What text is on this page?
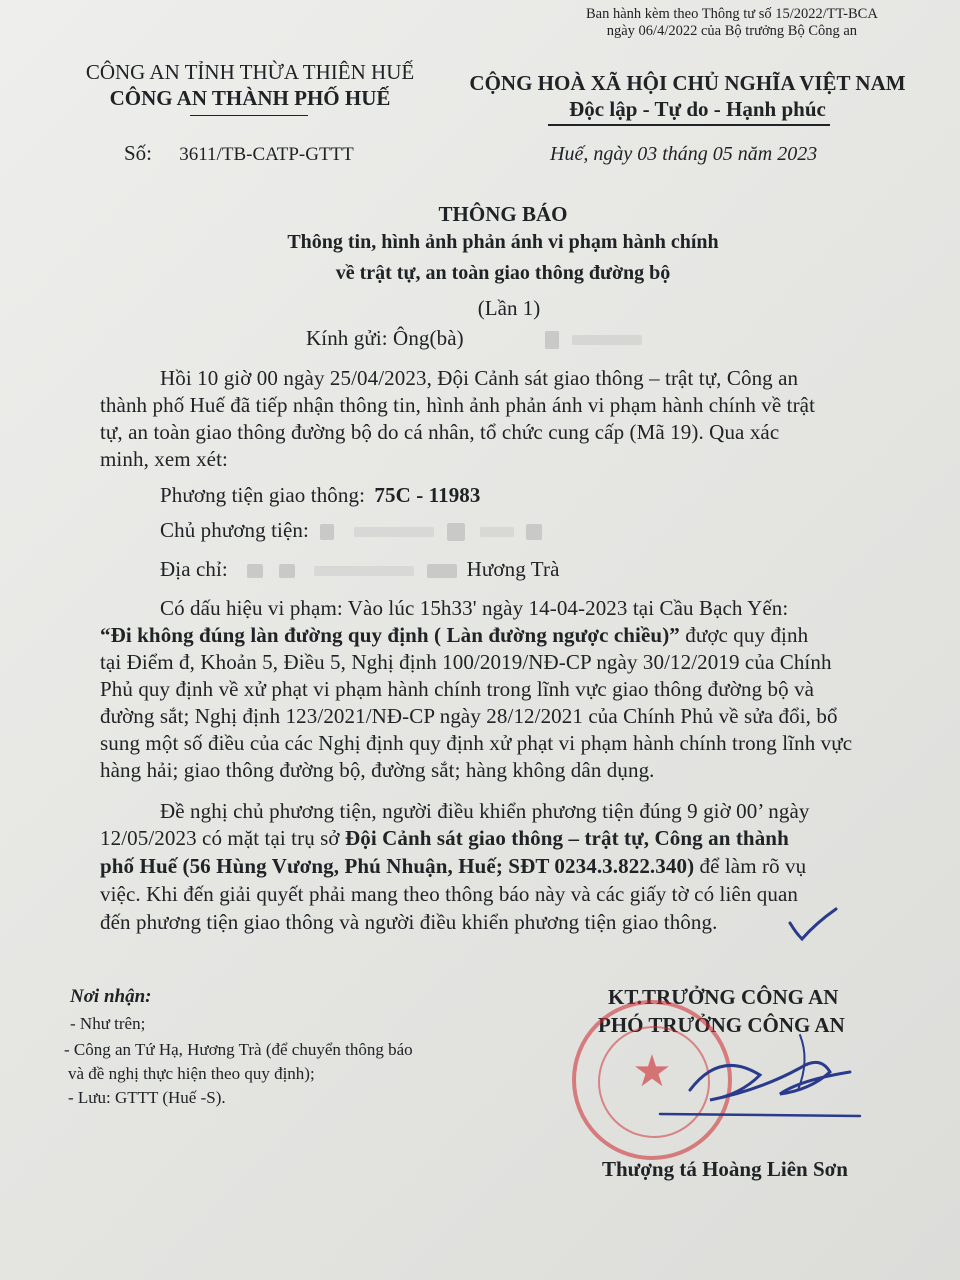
Ban hành kèm theo Thông tư số 15/2022/TT-BCA
ngày 06/4/2022 của Bộ trưởng Bộ Công an
CÔNG AN TỈNH THỪA THIÊN HUẾ
CÔNG AN THÀNH PHỐ HUẾ
Số: 3611/TB-CATP-GTTT
CỘNG HOÀ XÃ HỘI CHỦ NGHĨA VIỆT NAM
Độc lập - Tự do - Hạnh phúc
Huế, ngày 03 tháng 05 năm 2023
THÔNG BÁO
Thông tin, hình ảnh phản ánh vi phạm hành chính
về trật tự, an toàn giao thông đường bộ
(Lần 1)
Kính gửi: Ông(bà)
Hồi 10 giờ 00 ngày 25/04/2023, Đội Cảnh sát giao thông – trật tự, Công an
thành phố Huế đã tiếp nhận thông tin, hình ảnh phản ánh vi phạm hành chính về trật
tự, an toàn giao thông đường bộ do cá nhân, tổ chức cung cấp (Mã 19). Qua xác
minh, xem xét:
Phương tiện giao thông: 75C - 11983
Chủ phương tiện:
Địa chỉ:	Hương Trà
Có dấu hiệu vi phạm: Vào lúc 15h33' ngày 14-04-2023 tại Cầu Bạch Yến:
“Đi không đúng làn đường quy định ( Làn đường ngược chiều)” được quy định
tại Điểm đ, Khoản 5, Điều 5, Nghị định 100/2019/NĐ-CP ngày 30/12/2019 của Chính
Phủ quy định về xử phạt vi phạm hành chính trong lĩnh vực giao thông đường bộ và
đường sắt; Nghị định 123/2021/NĐ-CP ngày 28/12/2021 của Chính Phủ về sửa đổi, bổ
sung một số điều của các Nghị định quy định xử phạt vi phạm hành chính trong lĩnh vực
hàng hải; giao thông đường bộ, đường sắt; hàng không dân dụng.
Đề nghị chủ phương tiện, người điều khiển phương tiện đúng 9 giờ 00’ ngày
12/05/2023 có mặt tại trụ sở Đội Cảnh sát giao thông – trật tự, Công an thành
phố Huế (56 Hùng Vương, Phú Nhuận, Huế; SĐT 0234.3.822.340) để làm rõ vụ
việc. Khi đến giải quyết phải mang theo thông báo này và các giấy tờ có liên quan
đến phương tiện giao thông và người điều khiển phương tiện giao thông.
Nơi nhận:
- Như trên;
- Công an Tứ Hạ, Hương Trà (để chuyển thông báo
và đề nghị thực hiện theo quy định);
- Lưu: GTTT (Huế -S).
KT.TRƯỞNG CÔNG AN
PHÓ TRƯỞNG CÔNG AN
★
Thượng tá Hoàng Liên Sơn
